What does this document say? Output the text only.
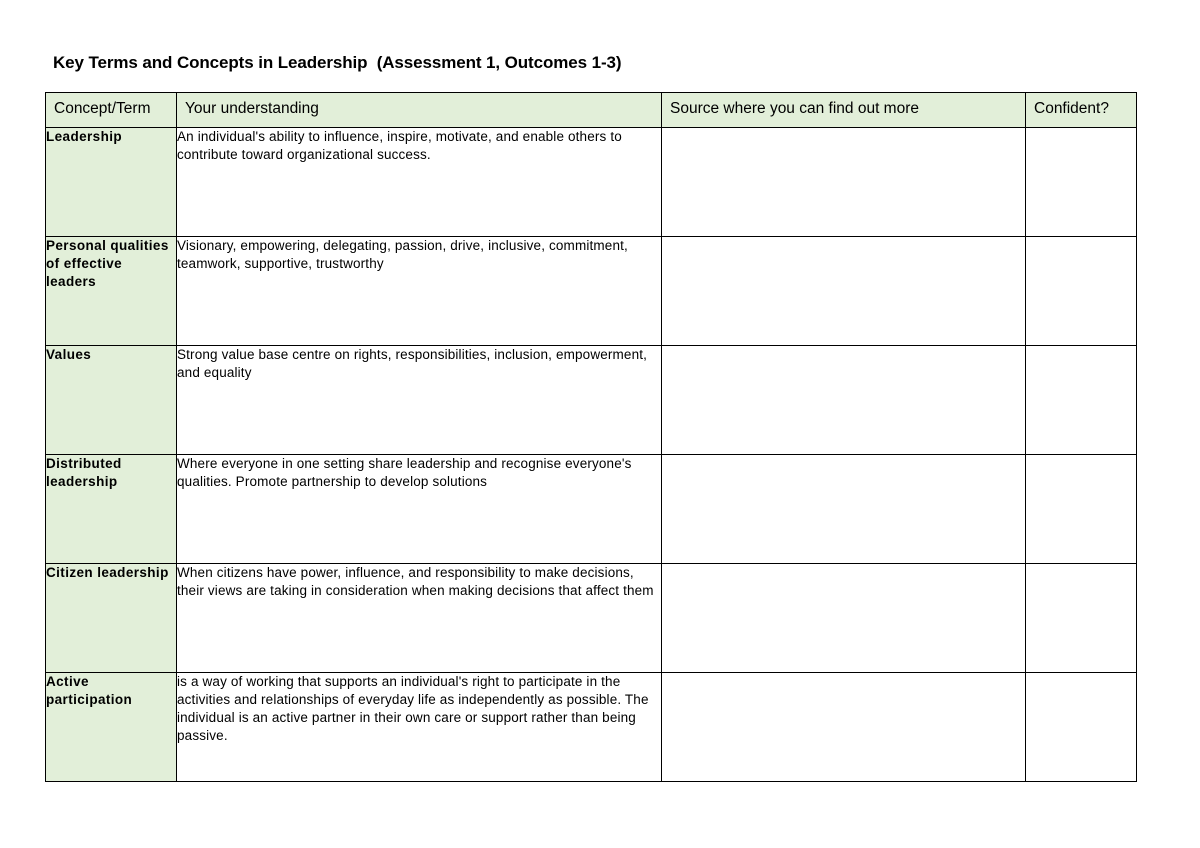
Key Terms and Concepts in Leadership  (Assessment 1, Outcomes 1-3)
Concept/Term	Your understanding	Source where you can find out more	Confident?
Leadership	An individual's ability to influence, inspire, motivate, and enable others to contribute toward organizational success.		
Personal qualities of effective leaders	Visionary, empowering, delegating, passion, drive, inclusive, commitment, teamwork, supportive, trustworthy		
Values	Strong value base centre on rights, responsibilities, inclusion, empowerment, and equality		
Distributed leadership	Where everyone in one setting share leadership and recognise everyone's qualities. Promote partnership to develop solutions		
Citizen leadership	When citizens have power, influence, and responsibility to make decisions, their views are taking in consideration when making decisions that affect them		
Active participation	is a way of working that supports an individual's right to participate in the activities and relationships of everyday life as independently as possible. The individual is an active partner in their own care or support rather than being passive.		
